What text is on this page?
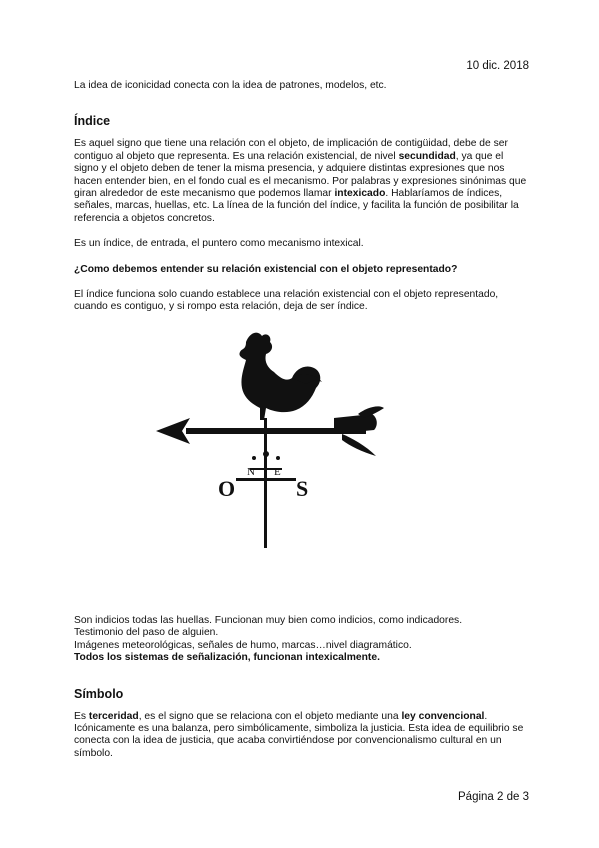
10 dic. 2018

La idea de iconicidad conecta con la idea de patrones, modelos, etc.

Índice

Es aquel signo que tiene una relación con el objeto, de implicación de contigüidad, debe de ser contiguo al objeto que representa. Es una relación existencial, de nivel secundidad, ya que el signo y el objeto deben de tener la misma presencia, y adquiere distintas expresiones que nos hacen entender bien, en el fondo cual es el mecanismo. Por palabras y expresiones sinónimas que giran alrededor de este mecanismo que podemos llamar intexicado. Hablaríamos de índices, señales, marcas, huellas, etc. La línea de la función del índice, y facilita la función de posibilitar la referencia a objetos concretos.

Es un índice, de entrada, el puntero como mecanismo intexical.

¿Como debemos entender su relación existencial con el objeto representado?

El índice funciona solo cuando establece una relación existencial con el objeto representado, cuando es contiguo, y si rompo esta relación, deja de ser índice.

N E
O	S

Son indicios todas las huellas. Funcionan muy bien como indicios, como indicadores.

Testimonio del paso de alguien.

Imágenes meteorológicas, señales de humo, marcas…nivel diagramático.

Todos los sistemas de señalización, funcionan intexicalmente.

Símbolo

Es terceridad, es el signo que se relaciona con el objeto mediante una ley convencional. Icónicamente es una balanza, pero simbólicamente, simboliza la justicia. Esta idea de equilibrio se conecta con la idea de justicia, que acaba convirtiéndose por convencionalismo cultural en un símbolo.

Página 2 de 3
